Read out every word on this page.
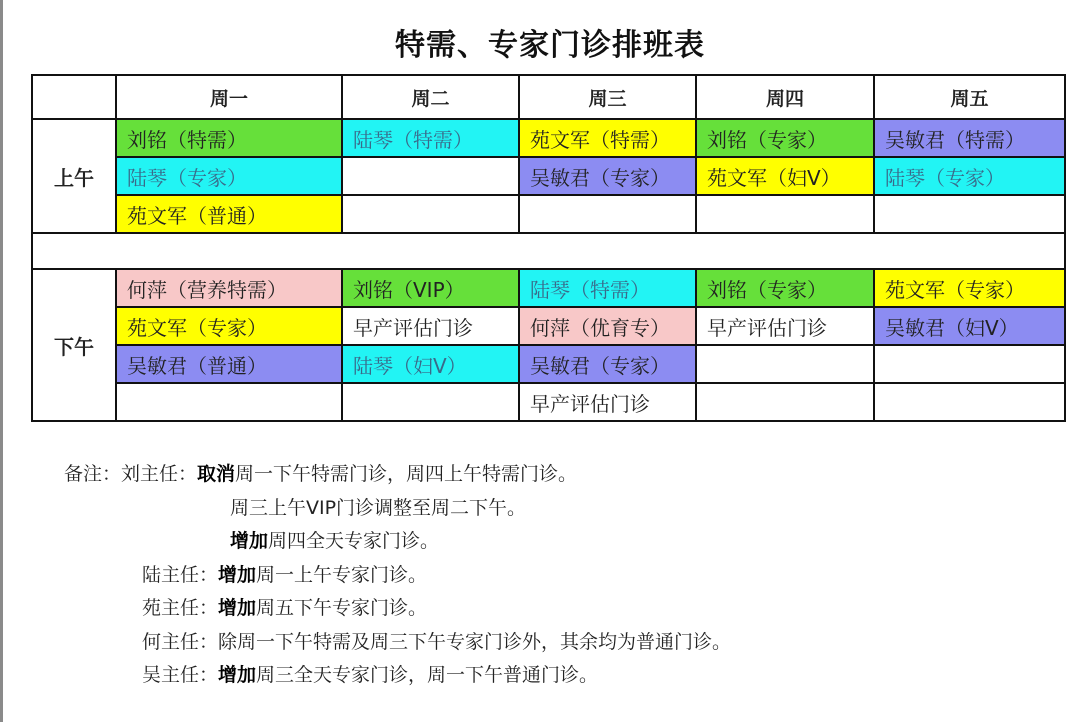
特需、专家门诊排班表
	周一	周二	周三	周四	周五
上午	刘铭（特需）	陆琴（特需）	苑文军（特需）	刘铭（专家）	吴敏君（特需）
	陆琴（专家）		吴敏君（专家）	苑文军（妇V）	陆琴（专家）
	苑文军（普通）				

下午	何萍（营养特需）	刘铭（VIP）	陆琴（特需）	刘铭（专家）	苑文军（专家）
	苑文军（专家）	早产评估门诊	何萍（优育专）	早产评估门诊	吴敏君（妇V）
	吴敏君（普通）	陆琴（妇V）	吴敏君（专家）		
			早产评估门诊		
备注：刘主任：取消周一下午特需门诊，周四上午特需门诊。
周三上午VIP门诊调整至周二下午。
增加周四全天专家门诊。
陆主任：增加周一上午专家门诊。
苑主任：增加周五下午专家门诊。
何主任：除周一下午特需及周三下午专家门诊外，其余均为普通门诊。
吴主任：增加周三全天专家门诊，周一下午普通门诊。
